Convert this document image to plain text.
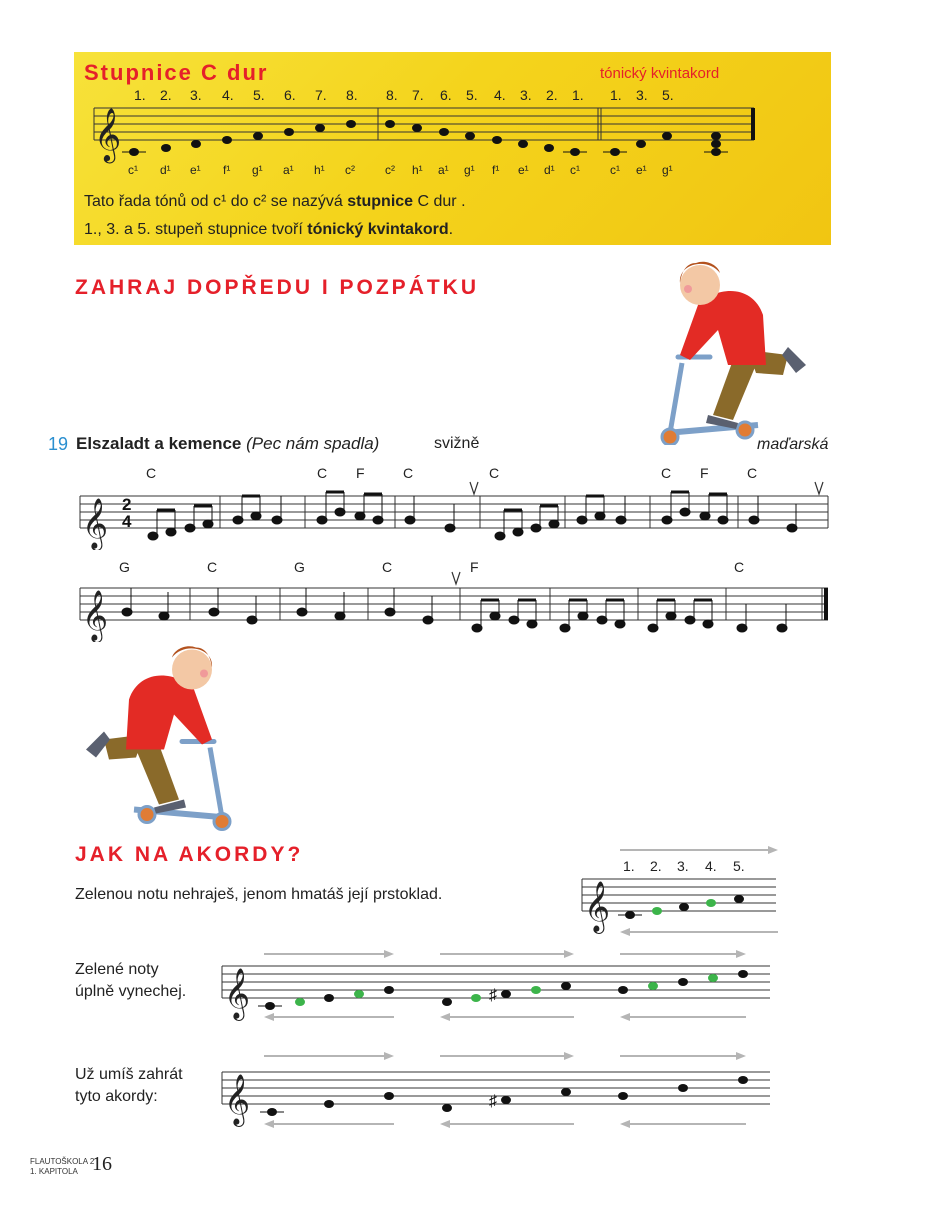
Stupnice C dur	tónický kvintakord
1. 2. 3. 4. 5. 6. 7. 8. 8. 7. 6. 5. 4. 3. 2. 1. 1. 3. 5.
𝄞
c¹ d¹ e¹ f¹ g¹ a¹ h¹ c²	c² h¹ a¹ g¹ f¹ e¹ d¹ c¹	c¹ e¹ g¹
Tato řada tónů od c¹ do c² se nazývá stupnice C dur .
1., 3. a 5. stupeň stupnice tvoří tónický kvintakord.
ZAHRAJ DOPŘEDU I POZPÁTKU
19 Elszaladt a kemence (Pec nám spadla)	svižně	maďarská
C	C F	C	C	C F	C
𝄞 2
4
G	C	G	C	F	C
𝄞
JAK NA AKORDY?
Zelenou notu nehraješ, jenom hmatáš její prstoklad.
1. 2. 3. 4. 5.
𝄞
Zelené noty
úplně vynechej. 𝄞	♯
Už umíš zahrát
tyto akordy:	𝄞	♯
FLAUTOŠKOLA 2
1. KAPITOLA 16
